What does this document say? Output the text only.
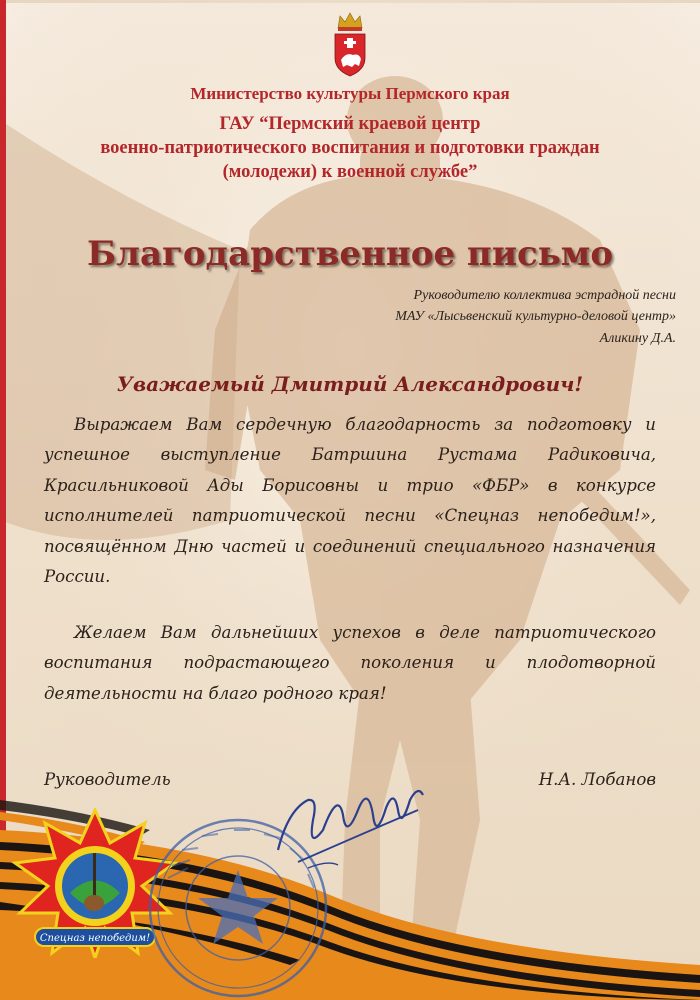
Министерство культуры Пермского края
ГАУ “Пермский краевой центр
военно-патриотического воспитания и подготовки граждан
(молодежи) к военной службе”
Благодарственное письмо
Руководителю коллектива эстрадной песни
МАУ «Лысьвенский культурно-деловой центр»
Аликину Д.А.
Уважаемый Дмитрий Александрович!

Выражаем Вам сердечную благодарность за подготовку и успешное выступление Батршина Рустама Радиковича, Красильниковой Ады Борисовны и трио «ФБР» в конкурсе исполнителей патриотической песни «Спецназ непобедим!», посвящённом Дню частей и соединений специального назначения России.

Желаем Вам дальнейших успехов в деле патриотического воспитания подрастающего поколения и плодотворной деятельности на благо родного края!

Спецназ непобедим!
Руководитель	Н.А. Лобанов
